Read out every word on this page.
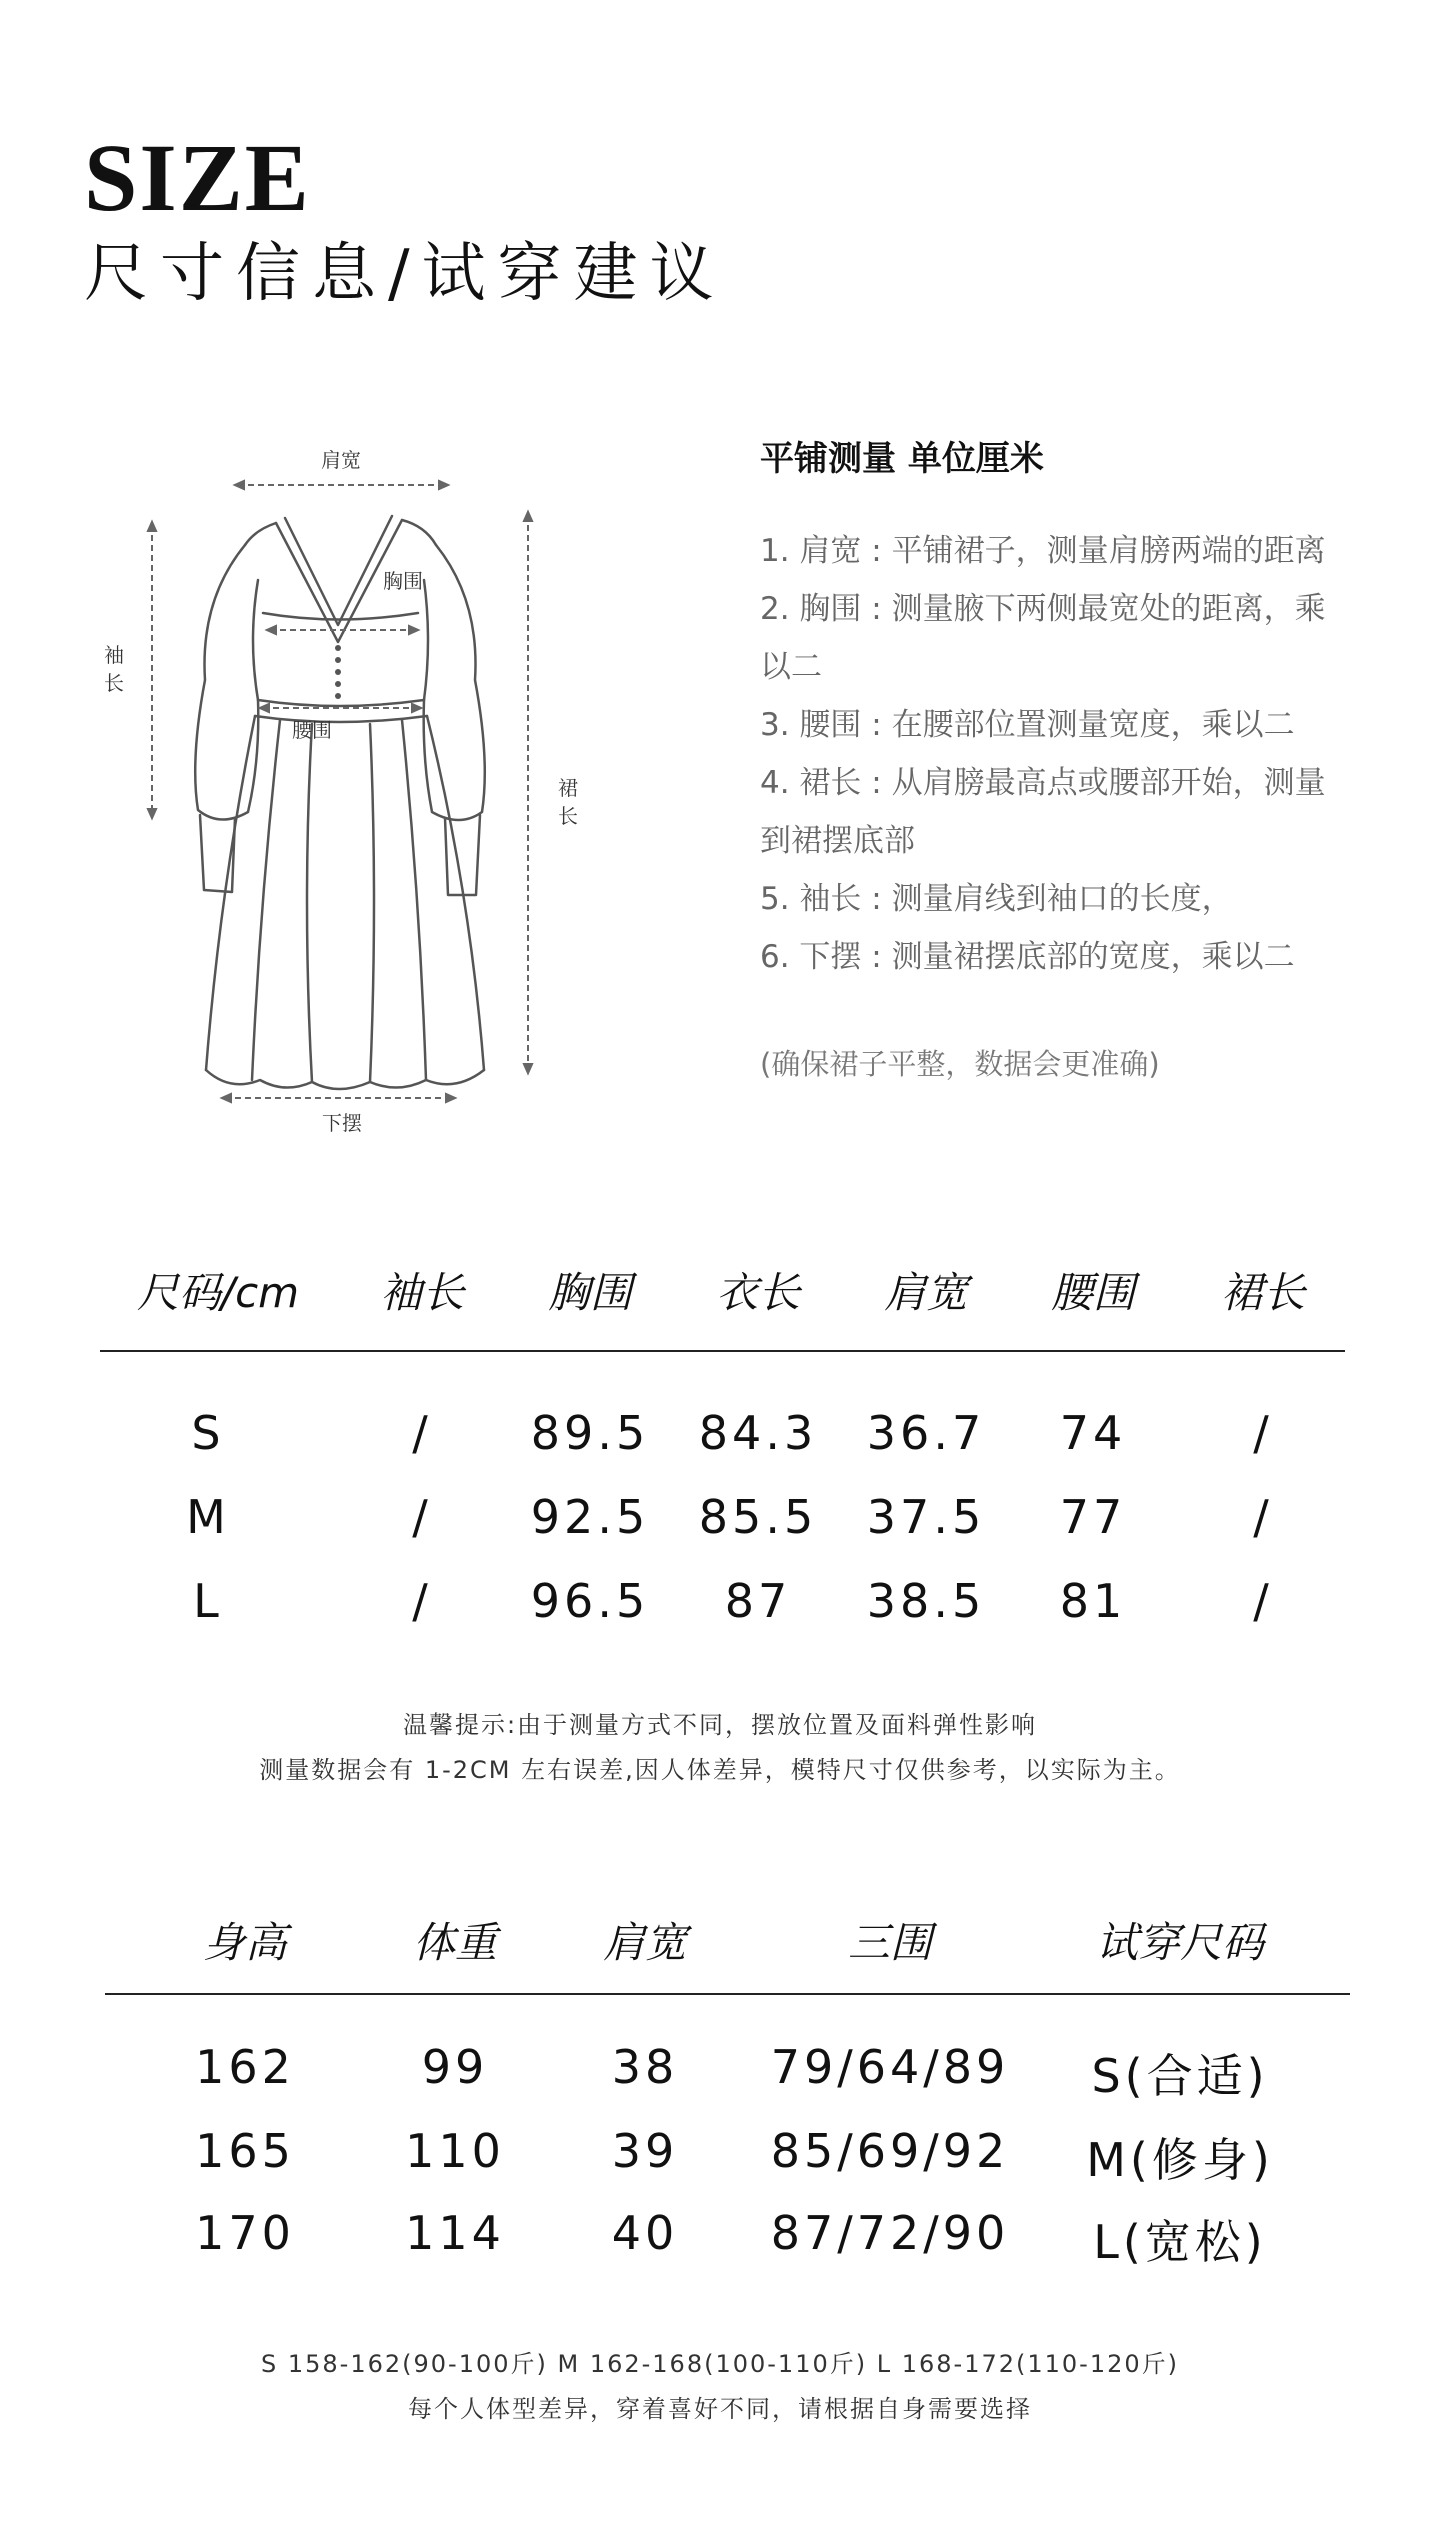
SIZE
尺寸信息/试穿建议
肩宽
袖
长
裙
长
下摆
胸围
腰围
平铺测量 单位厘米
1. 肩宽 : 平铺裙子，测量肩膀两端的距离
2. 胸围 : 测量腋下两侧最宽处的距离，乘
以二
3. 腰围 : 在腰部位置测量宽度，乘以二
4. 裙长 : 从肩膀最高点或腰部开始，测量
到裙摆底部
5. 袖长 : 测量肩线到袖口的长度，
6. 下摆 : 测量裙摆底部的宽度，乘以二
(确保裙子平整，数据会更准确)
尺码/cm 袖长 胸围 衣长 肩宽 腰围 裙长
S	/ 89.5 84.3 36.7 74	/
M	/ 92.5 85.5 37.5 77	/
L	/ 96.5 87 38.5 81	/
温馨提示:由于测量方式不同，摆放位置及面料弹性影响
测量数据会有 1-2CM 左右误差,因人体差异，模特尺寸仅供参考，以实际为主。
身高	体重	肩宽	三围	试穿尺码
162	99	38 79/64/89 S(合适)
165 110 39 85/69/92 M(修身)
170 114 40 87/72/90 L(宽松)
S 158-162(90-100斤) M 162-168(100-110斤) L 168-172(110-120斤)
每个人体型差异，穿着喜好不同，请根据自身需要选择
